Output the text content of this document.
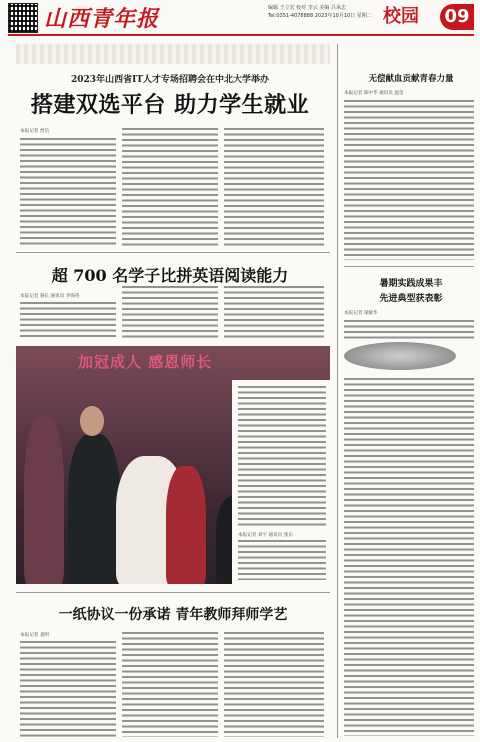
山西青年报	编辑 王立宏 校对 李云 美编 吕承志
Tel:0351-4078888 2023年10月10日 星期二 校园 09
2023年山西省IT人才专场招聘会在中北大学举办
搭建双选平台 助力学生就业
本报记者 贾信
超 700 名学子比拼英语阅读能力
本报记者 骆长 通讯员 李海英
加冠成人 感恩师长
本报记者 刘宇 通讯员 张东
一纸协议一份承诺 青年教师拜师学艺
本报记者 姜明
无偿献血贡献青春力量
本报记者 陈中华 通讯员 温莹
暑期实践成果丰
先进典型获表彰
本报记者 梁敏华
